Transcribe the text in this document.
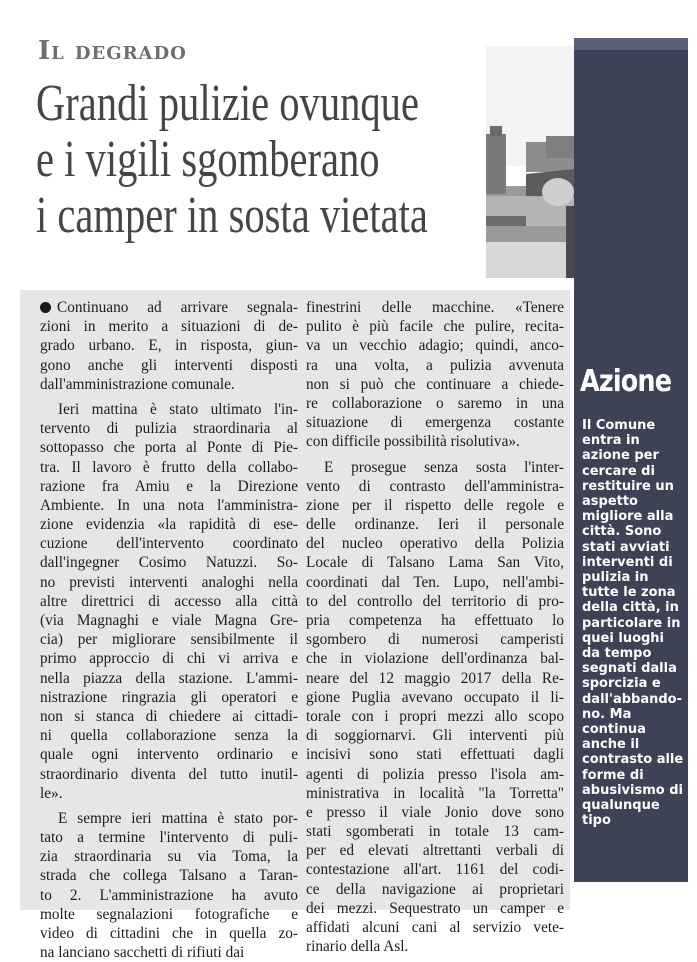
Il degrado
Grandi pulizie ovunque
e i vigili sgomberano
i camper in sosta vietata
Azione
Il Comune
entra in
azione per
cercare di
restituire un
aspetto
migliore alla
città. Sono
stati avviati
interventi di
pulizia in
tutte le zona
della città, in
particolare in
quei luoghi
da tempo
segnati dalla
sporcizia e
dall'abbando-
no. Ma
continua
anche il
contrasto alle
forme di
abusivismo di
qualunque
tipo
Continuano ad arrivare segnala-
zioni in merito a situazioni di de-
grado urbano. E, in risposta, giun-
gono anche gli interventi disposti
dall'amministrazione comunale.
Ieri mattina è stato ultimato l'in-
tervento di pulizia straordinaria al
sottopasso che porta al Ponte di Pie-
tra. Il lavoro è frutto della collabo-
razione fra Amiu e la Direzione
Ambiente. In una nota l'amministra-
zione evidenzia «la rapidità di ese-
cuzione dell'intervento coordinato
dall'ingegner Cosimo Natuzzi. So-
no previsti interventi analoghi nella
altre direttrici di accesso alla città
(via Magnaghi e viale Magna Gre-
cia) per migliorare sensibilmente il
primo approccio di chi vi arriva e
nella piazza della stazione. L'ammi-
nistrazione ringrazia gli operatori e
non si stanca di chiedere ai cittadi-
ni quella collaborazione senza la
quale ogni intervento ordinario e
straordinario diventa del tutto inutil-
le».
E sempre ieri mattina è stato por-
tato a termine l'intervento di puli-
zia straordinaria su via Toma, la
strada che collega Talsano a Taran-
to 2. L'amministrazione ha avuto
molte segnalazioni fotografiche e
video di cittadini che in quella zo-
na lanciano sacchetti di rifiuti dai
finestrini delle macchine. «Tenere
pulito è più facile che pulire, recita-
va un vecchio adagio; quindi, anco-
ra una volta, a pulizia avvenuta
non si può che continuare a chiede-
re collaborazione o saremo in una
situazione di emergenza costante
con difficile possibilità risolutiva».
E prosegue senza sosta l'inter-
vento di contrasto dell'amministra-
zione per il rispetto delle regole e
delle ordinanze. Ieri il personale
del nucleo operativo della Polizia
Locale di Talsano Lama San Vito,
coordinati dal Ten. Lupo, nell'ambi-
to del controllo del territorio di pro-
pria competenza ha effettuato lo
sgombero di numerosi camperisti
che in violazione dell'ordinanza bal-
neare del 12 maggio 2017 della Re-
gione Puglia avevano occupato il li-
torale con i propri mezzi allo scopo
di soggiornarvi. Gli interventi più
incisivi sono stati effettuati dagli
agenti di polizia presso l'isola am-
ministrativa in località "la Torretta"
e presso il viale Jonio dove sono
stati sgomberati in totale 13 cam-
per ed elevati altrettanti verbali di
contestazione all'art. 1161 del codi-
ce della navigazione ai proprietari
dei mezzi. Sequestrato un camper e
affidati alcuni cani al servizio vete-
rinario della Asl.
